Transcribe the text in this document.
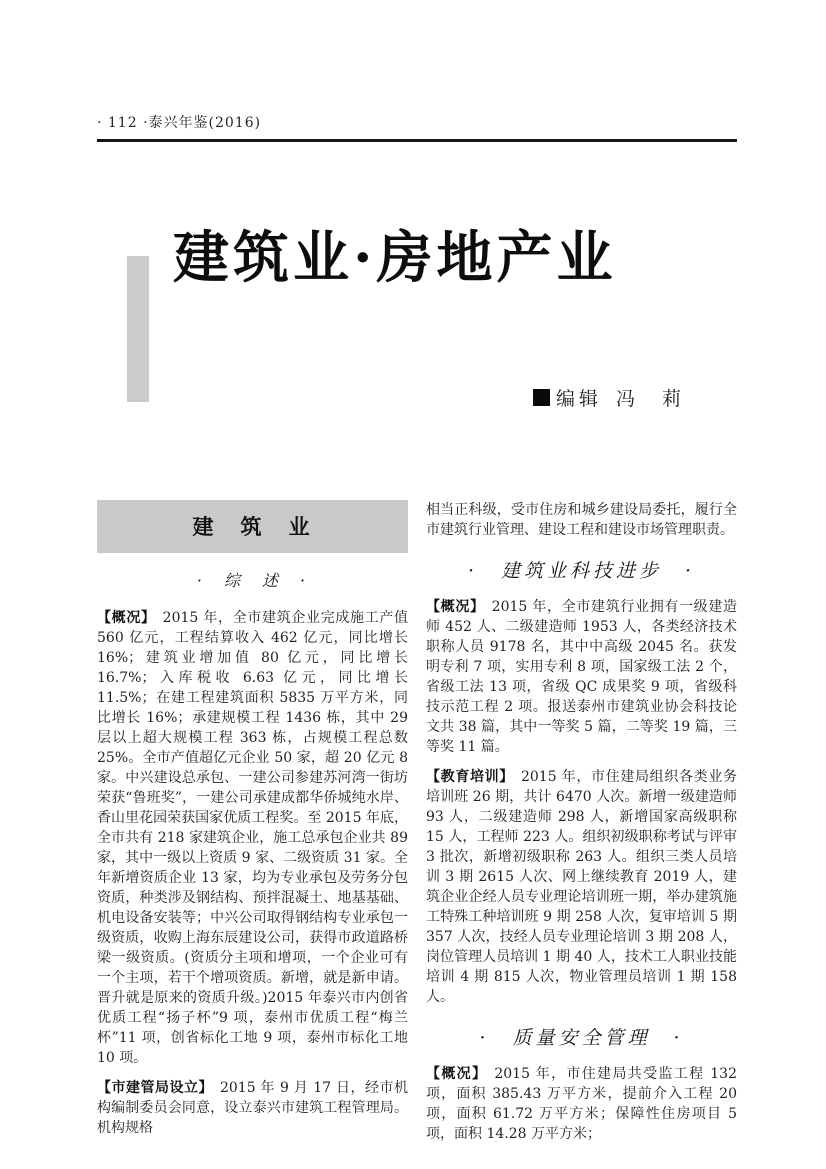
· 112 ·泰兴年鉴(2016)
建筑业·房地产业
编辑 冯　莉
建　筑　业
·　综　述　·

【概况】 2015 年，全市建筑企业完成施工产值 560 亿元，工程结算收入 462 亿元，同比增长 16%；建筑业增加值 80 亿元，同比增长 16.7%；入库税收 6.63 亿元，同比增长 11.5%；在建工程建筑面积 5835 万平方米，同比增长 16%；承建规模工程 1436 栋，其中 29 层以上超大规模工程 363 栋，占规模工程总数 25%。全市产值超亿元企业 50 家，超 20 亿元 8 家。中兴建设总承包、一建公司参建苏河湾一街坊荣获“鲁班奖”，一建公司承建成都华侨城纯水岸、香山里花园荣获国家优质工程奖。至 2015 年底，全市共有 218 家建筑企业，施工总承包企业共 89 家，其中一级以上资质 9 家、二级资质 31 家。全年新增资质企业 13 家，均为专业承包及劳务分包资质，种类涉及钢结构、预拌混凝土、地基基础、机电设备安装等；中兴公司取得钢结构专业承包一级资质，收购上海东辰建设公司，获得市政道路桥梁一级资质。(资质分主项和增项，一个企业可有一个主项，若干个增项资质。新增，就是新申请。晋升就是原来的资质升级。)2015 年泰兴市内创省优质工程“扬子杯”9 项，泰州市优质工程“梅兰杯”11 项，创省标化工地 9 项，泰州市标化工地 10 项。

【市建管局设立】 2015 年 9 月 17 日，经市机构编制委员会同意，设立泰兴市建筑工程管理局。机构规格

相当正科级，受市住房和城乡建设局委托，履行全市建筑行业管理、建设工程和建设市场管理职责。

·　建筑业科技进步　·

【概况】 2015 年，全市建筑行业拥有一级建造师 452 人、二级建造师 1953 人，各类经济技术职称人员 9178 名，其中中高级 2045 名。获发明专利 7 项，实用专利 8 项，国家级工法 2 个，省级工法 13 项，省级 QC 成果奖 9 项，省级科技示范工程 2 项。报送泰州市建筑业协会科技论文共 38 篇，其中一等奖 5 篇，二等奖 19 篇，三等奖 11 篇。

【教育培训】 2015 年，市住建局组织各类业务培训班 26 期，共计 6470 人次。新增一级建造师 93 人，二级建造师 298 人，新增国家高级职称 15 人，工程师 223 人。组织初级职称考试与评审 3 批次，新增初级职称 263 人。组织三类人员培训 3 期 2615 人次、网上继续教育 2019 人，建筑企业企经人员专业理论培训班一期，举办建筑施工特殊工种培训班 9 期 258 人次，复审培训 5 期 357 人次，技经人员专业理论培训 3 期 208 人，岗位管理人员培训 1 期 40 人，技术工人职业技能培训 4 期 815 人次，物业管理员培训 1 期 158 人。

·　质量安全管理　·

【概况】 2015 年，市住建局共受监工程 132 项，面积 385.43 万平方米，提前介入工程 20 项，面积 61.72 万平方米；保障性住房项目 5 项，面积 14.28 万平方米；
